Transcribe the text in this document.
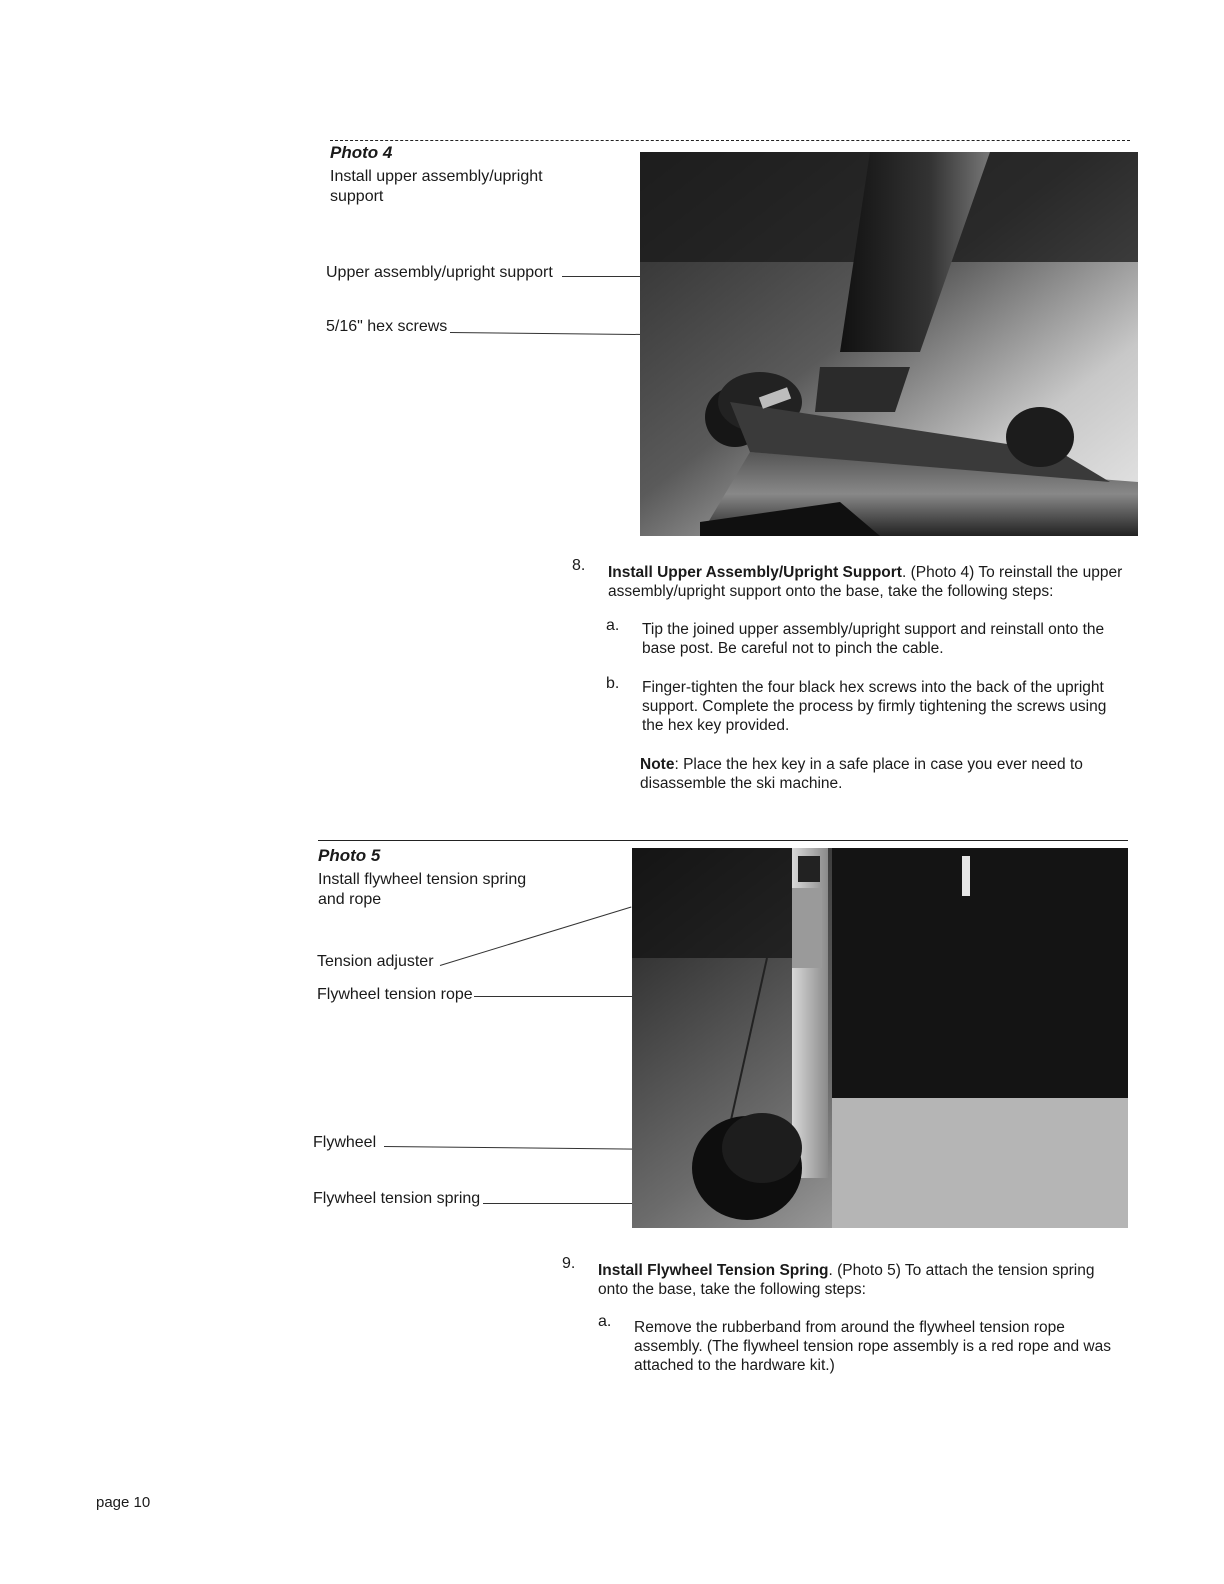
Photo 4
Install upper assembly/upright support
Upper assembly/upright support
5/16" hex screws
8. Install Upper Assembly/Upright Support. (Photo 4) To reinstall the upper assembly/upright support onto the base, take the following steps:
a. Tip the joined upper assembly/upright support and reinstall onto the base post. Be careful not to pinch the cable.
b. Finger-tighten the four black hex screws into the back of the upright support. Complete the process by firmly tightening the screws using the hex key provided.
Note: Place the hex key in a safe place in case you ever need to disassemble the ski machine.
Photo 5
Install flywheel tension spring and rope
Tension adjuster
Flywheel tension rope
Flywheel
Flywheel tension spring
9. Install Flywheel Tension Spring. (Photo 5) To attach the tension spring onto the base, take the following steps:
a. Remove the rubberband from around the flywheel tension rope assembly. (The flywheel tension rope assembly is a red rope and was attached to the hardware kit.)
page 10
